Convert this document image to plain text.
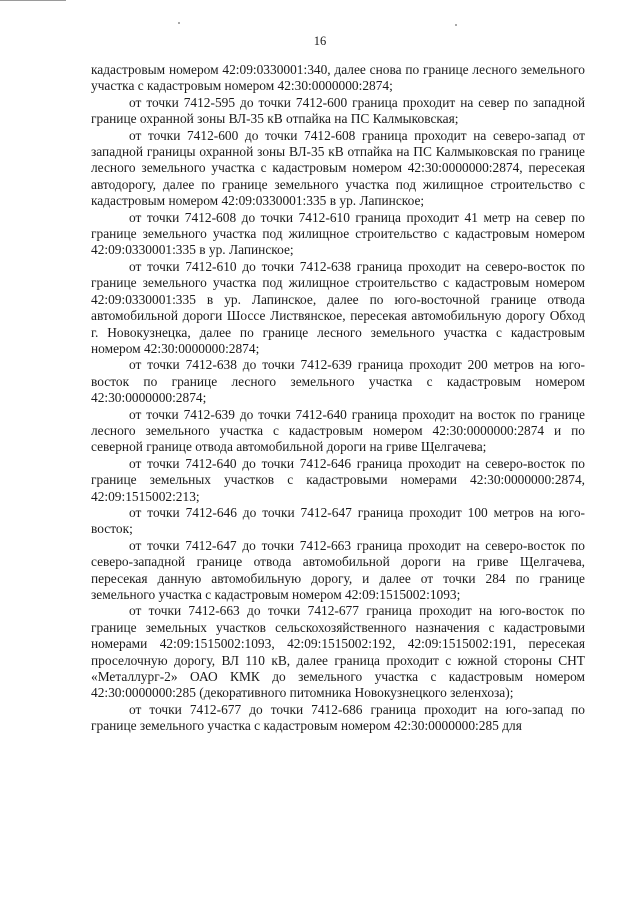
16

кадастровым номером 42:09:0330001:340, далее снова по границе лесного земельного участка с кадастровым номером 42:30:0000000:2874;

от точки 7412-595 до точки 7412-600 граница проходит на север по западной границе охранной зоны ВЛ-35 кВ отпайка на ПС Калмыковская;

от точки 7412-600 до точки 7412-608 граница проходит на северо-запад от западной границы охранной зоны ВЛ-35 кВ отпайка на ПС Калмыковская по границе лесного земельного участка с кадастровым номером 42:30:0000000:2874, пересекая автодорогу, далее по границе земельного участка под жилищное строительство с кадастровым номером 42:09:0330001:335 в ур. Лапинское;

от точки 7412-608 до точки 7412-610 граница проходит 41 метр на север по границе земельного участка под жилищное строительство с кадастровым номером 42:09:0330001:335 в ур. Лапинское;

от точки 7412-610 до точки 7412-638 граница проходит на северо-восток по границе земельного участка под жилищное строительство с кадастровым номером 42:09:0330001:335 в ур. Лапинское, далее по юго-восточной границе отвода автомобильной дороги Шоссе Листвянское, пересекая автомобильную дорогу Обход г. Новокузнецка, далее по границе лесного земельного участка с кадастровым номером 42:30:0000000:2874;

от точки 7412-638 до точки 7412-639 граница проходит 200 метров на юго-восток по границе лесного земельного участка с кадастровым номером 42:30:0000000:2874;

от точки 7412-639 до точки 7412-640 граница проходит на восток по границе лесного земельного участка с кадастровым номером 42:30:0000000:2874 и по северной границе отвода автомобильной дороги на гриве Щелгачева;

от точки 7412-640 до точки 7412-646 граница проходит на северо-восток по границе земельных участков с кадастровыми номерами 42:30:0000000:2874, 42:09:1515002:213;

от точки 7412-646 до точки 7412-647 граница проходит 100 метров на юго-восток;

от точки 7412-647 до точки 7412-663 граница проходит на северо-восток по северо-западной границе отвода автомобильной дороги на гриве Щелгачева, пересекая данную автомобильную дорогу, и далее от точки 284 по границе земельного участка с кадастровым номером 42:09:1515002:1093;

от точки 7412-663 до точки 7412-677 граница проходит на юго-восток по границе земельных участков сельскохозяйственного назначения с кадастровыми номерами 42:09:1515002:1093, 42:09:1515002:192, 42:09:1515002:191, пересекая проселочную дорогу, ВЛ 110 кВ, далее граница проходит с южной стороны СНТ «Металлург-2» ОАО КМК до земельного участка с кадастровым номером 42:30:0000000:285 (декоративного питомника Новокузнецкого зеленхоза);

от точки 7412-677 до точки 7412-686 граница проходит на юго-запад по границе земельного участка с кадастровым номером 42:30:0000000:285 для
